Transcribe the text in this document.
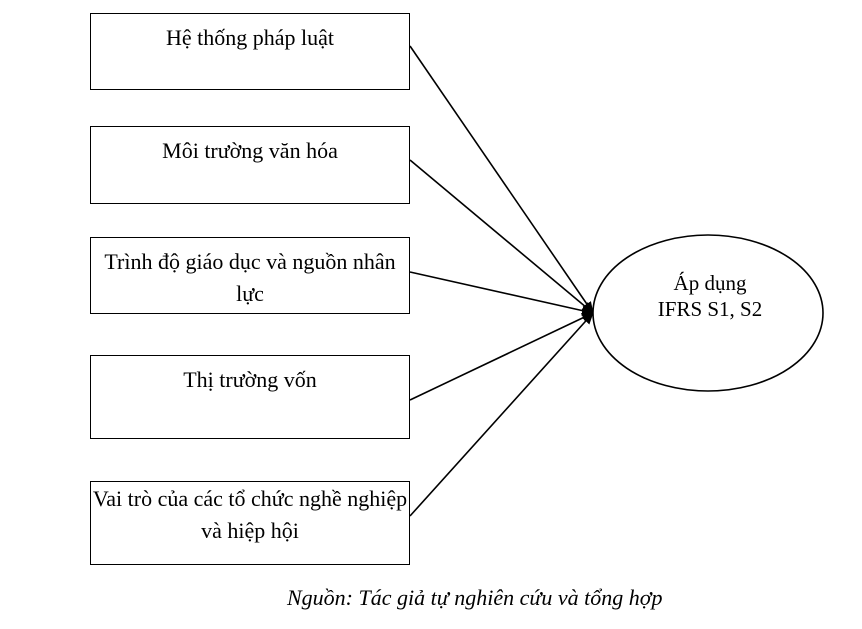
Hệ thống pháp luật
Môi trường văn hóa
Trình độ giáo dục và nguồn nhân lực
Thị trường vốn
Vai trò của các tổ chức nghề nghiệp và hiệp hội
Áp dụng
IFRS S1, S2
Nguồn: Tác giả tự nghiên cứu và tổng hợp
